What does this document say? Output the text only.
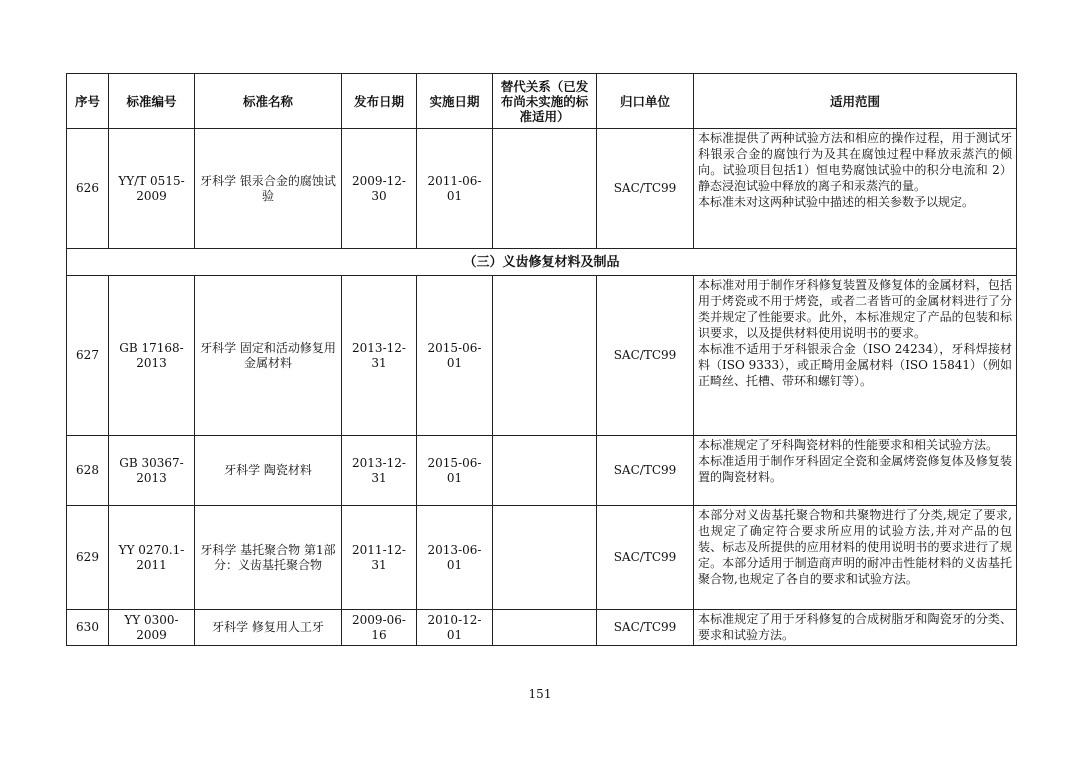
序号	标准编号	标准名称	发布日期	实施日期	替代关系（已发布尚未实施的标准适用）	归口单位	适用范围
626	YY/T 0515-2009	牙科学 银汞合金的腐蚀试验	2009-12-30	2011-06-01		SAC/TC99	本标准提供了两种试验方法和相应的操作过程，用于测试牙科银汞合金的腐蚀行为及其在腐蚀过程中释放汞蒸汽的倾向。试验项目包括1）恒电势腐蚀试验中的积分电流和 2）静态浸泡试验中释放的离子和汞蒸汽的量。
本标准未对这两种试验中描述的相关参数予以规定。
（三）义齿修复材料及制品							
627	GB 17168-2013	牙科学 固定和活动修复用金属材料	2013-12-31	2015-06-01		SAC/TC99	本标准对用于制作牙科修复装置及修复体的金属材料，包括用于烤瓷或不用于烤瓷，或者二者皆可的金属材料进行了分类并规定了性能要求。此外，本标准规定了产品的包装和标识要求，以及提供材料使用说明书的要求。
本标准不适用于牙科银汞合金（ISO 24234），牙科焊接材料（ISO 9333），或正畸用金属材料（ISO 15841）（例如正畸丝、托槽、带环和螺钉等）。
628	GB 30367-2013	牙科学 陶瓷材料	2013-12-31	2015-06-01		SAC/TC99	本标准规定了牙科陶瓷材料的性能要求和相关试验方法。
本标准适用于制作牙科固定全瓷和金属烤瓷修复体及修复装置的陶瓷材料。
629	YY 0270.1-2011	牙科学 基托聚合物 第1部分：义齿基托聚合物	2011-12-31	2013-06-01		SAC/TC99	本部分对义齿基托聚合物和共聚物进行了分类,规定了要求,也规定了确定符合要求所应用的试验方法,并对产品的包装、标志及所提供的应用材料的使用说明书的要求进行了规定。本部分适用于制造商声明的耐冲击性能材料的义齿基托聚合物,也规定了各自的要求和试验方法。
630	YY 0300-2009	牙科学 修复用人工牙	2009-06-16	2010-12-01		SAC/TC99	本标准规定了用于牙科修复的合成树脂牙和陶瓷牙的分类、要求和试验方法。
151
